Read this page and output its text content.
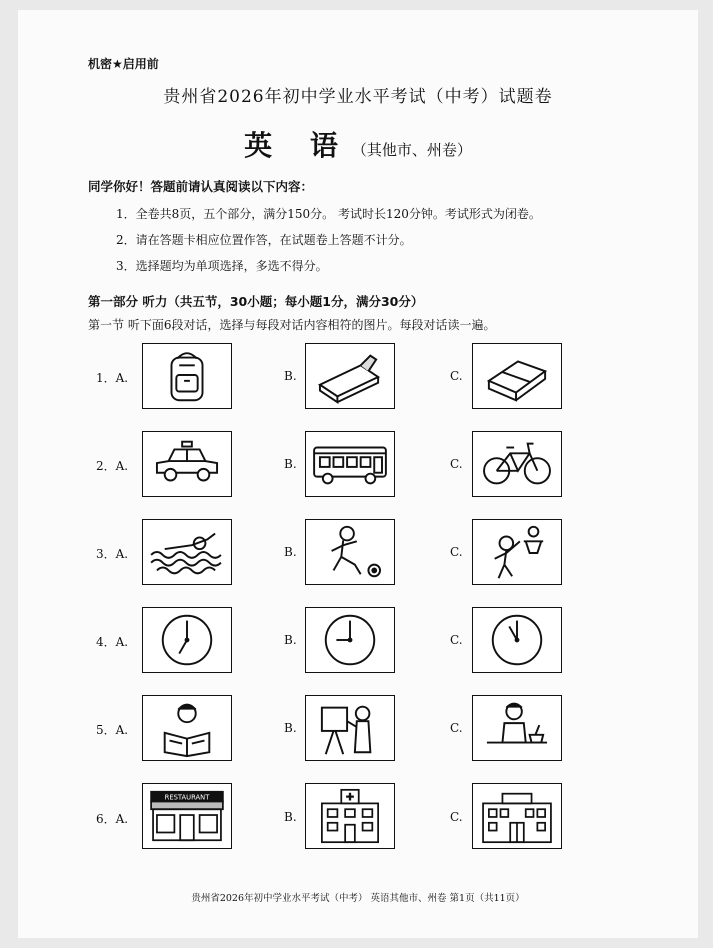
机密★启用前
贵州省2026年初中学业水平考试（中考）试题卷
英 语（其他市、州卷）
同学你好！答题前请认真阅读以下内容：
1．全卷共8页，五个部分，满分150分。 考试时长120分钟。考试形式为闭卷。
2．请在答题卡相应位置作答，在试题卷上答题不计分。
3．选择题均为单项选择，多选不得分。
第一部分 听力（共五节，30小题；每小题1分，满分30分）
第一节 听下面6段对话，选择与每段对话内容相符的图片。每段对话读一遍。
1．A.	B.	C.
2．A.	B.	C.
3．A.	B.	C.
4．A.	B.	C.
5．A.	B.	C.
6．A.
RESTAURANT
B.	C.
贵州省2026年初中学业水平考试（中考） 英语其他市、州卷 第1页（共11页）
